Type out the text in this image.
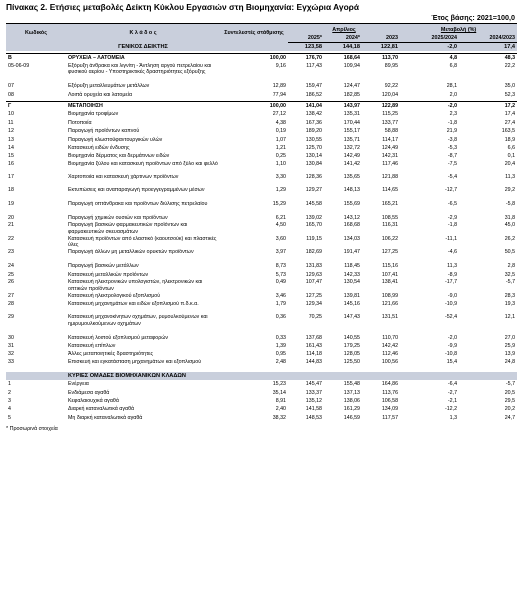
Πίνακας 2. Ετήσιες μεταβολές Δείκτη Κύκλου Εργασιών στη Βιομηχανία: Εγχώρια Αγορά
Έτος βάσης: 2021=100,0
Κωδικός	Κ λ ά δ ο ς	Συντελεστές στάθμισης	Απρίλιος			Μεταβολή (%)	
			2025*	2024*	2023	2025/2024	2024/2023
	ΓΕΝΙΚΟΣ ΔΕΙΚΤΗΣ		123,58	144,18	122,81	-2,0	17,4

B	ΟΡΥΧΕΙΑ – ΛΑΤΟΜΕΙΑ	100,00	176,70	168,64	113,70	4,8	48,3
05-06-09	Εξόρυξη άνθρακα και λιγνίτη - Άντληση αργού πετρελαίου και φυσικού αερίου - Υποστηρικτικές δραστηριότητες εξόρυξης	9,16	117,43	109,94	89,95	6,8	22,2
07	Εξόρυξη μεταλλευμάτων μετάλλων	12,89	159,47	124,47	92,22	28,1	35,0
08	Λοιπά ορυχεία και λατομεία	77,94	186,52	182,85	120,04	2,0	52,3

Γ	ΜΕΤΑΠΟΙΗΣΗ	100,00	141,04	143,97	122,89	-2,0	17,2
10	Βιομηχανία τροφίμων	27,12	138,42	135,31	115,25	2,3	17,4
11	Ποτοποιία	4,38	167,36	170,44	133,77	-1,8	27,4
12	Παραγωγή προϊόντων καπνού	0,19	189,20	155,17	58,88	21,9	163,5
13	Παραγωγή κλωστοϋφαντουργικών υλών	1,07	130,55	135,71	114,17	-3,8	18,9
14	Κατασκευή ειδών ένδυσης	1,21	125,70	132,72	124,49	-5,3	6,6
15	Βιομηχανία δέρματος και δερμάτινων ειδών	0,25	130,14	142,49	142,31	-8,7	0,1
16	Βιομηχανία ξύλου και κατασκευή προϊόντων από ξύλο και φελλό	1,10	130,84	141,42	117,46	-7,5	20,4
17	Χαρτοποιία και κατασκευή χάρτινων προϊόντων	3,30	128,36	135,65	121,88	-5,4	11,3
18	Εκτυπώσεις και αναπαραγωγή προεγγεγραμμένων μέσων	1,29	129,27	148,13	114,65	-12,7	29,2
19	Παραγωγή οπτάνθρακα και προϊόντων διύλισης πετρελαίου	15,29	145,58	155,69	165,21	-6,5	-5,8
20	Παραγωγή χημικών ουσιών και προϊόντων	6,21	139,02	143,12	108,55	-2,9	31,8
21	Παραγωγή βασικών φαρμακευτικών προϊόντων και φαρμακευτικών σκευασμάτων	4,50	165,70	168,68	116,31	-1,8	45,0
22	Κατασκευή προϊόντων από ελαστικό (καουτσούκ) και πλαστικές ύλες	3,60	119,15	134,03	106,22	-11,1	26,2
23	Παραγωγή άλλων μη μεταλλικών ορυκτών προϊόντων	3,97	182,69	191,47	127,25	-4,6	50,5
24	Παραγωγή βασικών μετάλλων	8,73	131,83	118,45	115,16	11,3	2,8
25	Κατασκευή μεταλλικών προϊόντων	5,73	129,63	142,33	107,41	-8,9	32,5
26	Κατασκευή ηλεκτρονικών υπολογιστών, ηλεκτρονικών και οπτικών προϊόντων	0,49	107,47	130,54	138,41	-17,7	-5,7
27	Κατασκευή ηλεκτρολογικού εξοπλισμού	3,46	127,25	139,81	108,99	-9,0	28,3
28	Κατασκευή μηχανημάτων και ειδών εξοπλισμού π.δ.κ.α.	1,79	129,34	145,16	121,66	-10,9	19,3
29	Κατασκευή μηχανοκίνητων οχημάτων, ρυμουλκούμενων και ημιρυμουλκούμενων οχημάτων	0,36	70,25	147,43	131,51	-52,4	12,1
30	Κατασκευή λοιπού εξοπλισμού μεταφορών	0,33	137,68	140,55	110,70	-2,0	27,0
31	Κατασκευή επίπλων	1,39	161,43	179,25	142,42	-9,9	25,9
32	Άλλες μεταποιητικές δραστηριότητες	0,95	114,18	128,05	112,46	-10,8	13,9
33	Επισκευή και εγκατάσταση μηχανημάτων και εξοπλισμού	2,48	144,83	125,50	100,56	15,4	24,8
	ΚΥΡΙΕΣ ΟΜΑΔΕΣ ΒΙΟΜΗΧΑΝΙΚΩΝ ΚΛΑΔΩΝ						
1	Ενέργεια	15,23	145,47	155,48	164,86	-6,4	-5,7
2	Ενδιάμεσα αγαθά	35,14	133,37	137,13	113,76	-2,7	20,5
3	Κεφαλαιουχικά αγαθά	8,91	135,12	138,06	106,58	-2,1	29,5
4	Διαρκή καταναλωτικά αγαθά	2,40	141,58	161,29	134,09	-12,2	20,2
5	Μη διαρκή καταναλωτικά αγαθά	38,32	148,53	146,59	117,57	1,3	24,7
* Προσωρινά στοιχεία
